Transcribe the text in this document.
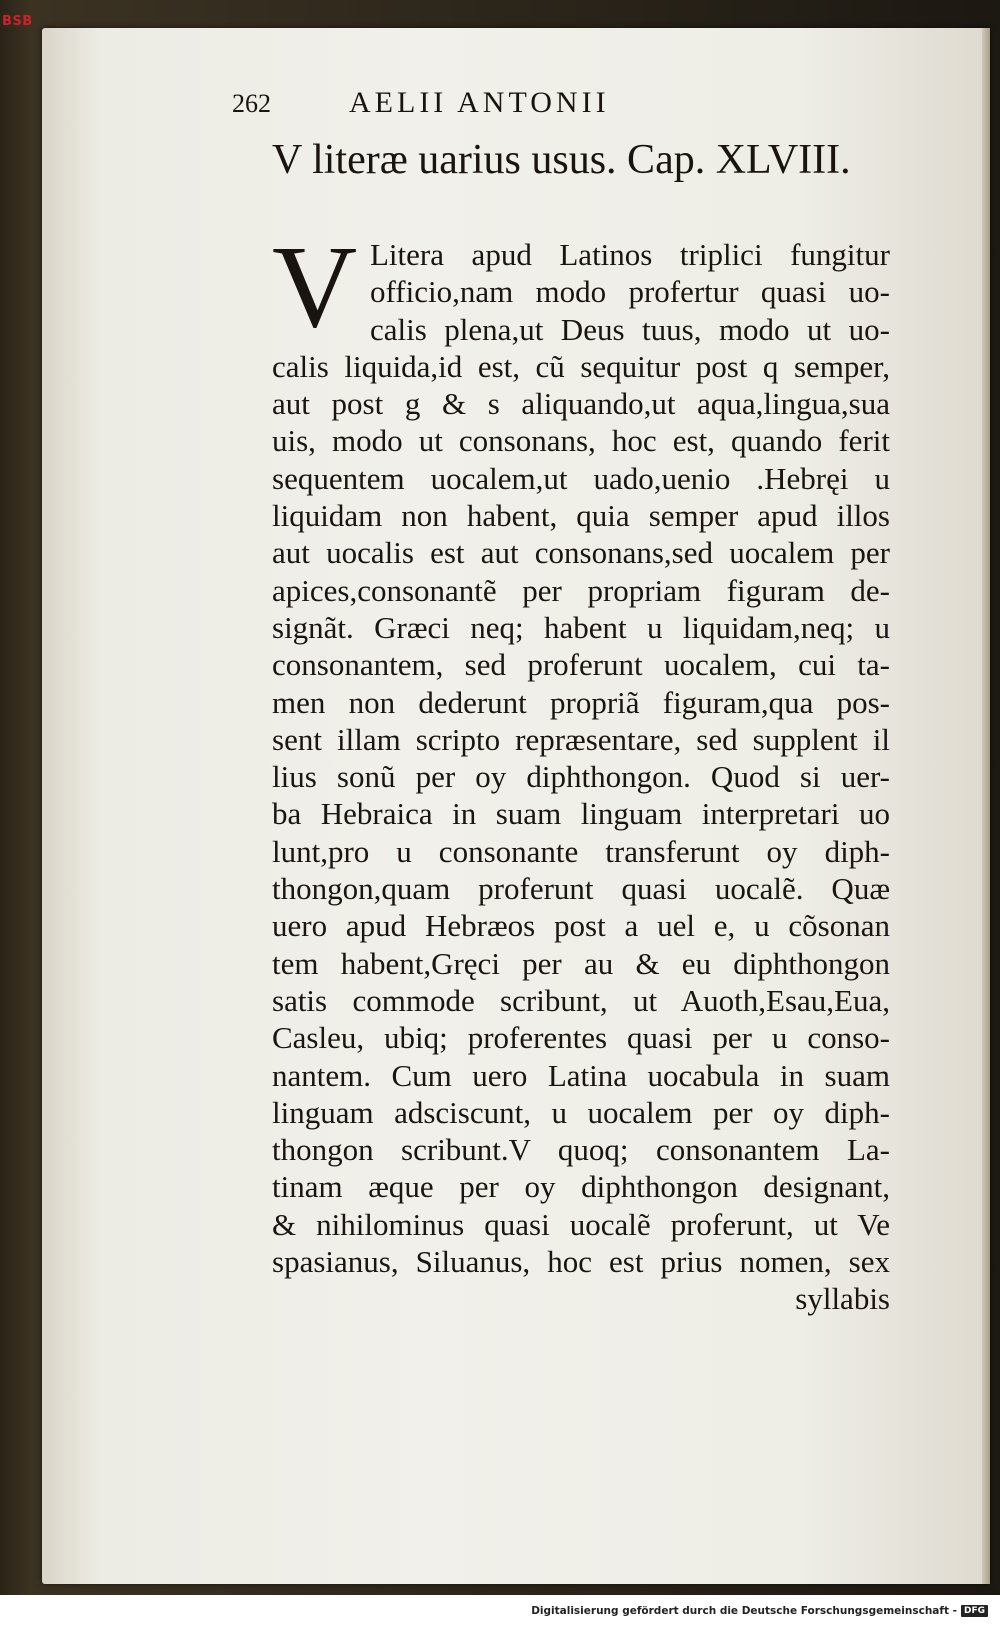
BSB
262	AELII ANTONII
V literæ uarius usus. Cap. XLVIII.
V Litera apud Latinos triplici fungitur
officio,nam modo profertur quasi uo-
calis plena,ut Deus tuus, modo ut uo-
calis liquida,id est, cũ sequitur post q semper,
aut post g & s aliquando,ut aqua,lingua,sua
uis, modo ut consonans, hoc est, quando ferit
sequentem uocalem,ut uado,uenio .Hebręi u
liquidam non habent, quia semper apud illos
aut uocalis est aut consonans,sed uocalem per
apices,consonantẽ per propriam figuram de-
signãt. Græci neq; habent u liquidam,neq; u
consonantem, sed proferunt uocalem, cui ta-
men non dederunt propriã figuram,qua pos-
sent illam scripto repræsentare, sed supplent il
lius sonũ per oy diphthongon. Quod si uer-
ba Hebraica in suam linguam interpretari uo
lunt,pro u consonante transferunt oy diph-
thongon,quam proferunt quasi uocalẽ. Quæ
uero apud Hebræos post a uel e, u cõsonan
tem habent,Gręci per au & eu diphthongon
satis commode scribunt, ut Auoth,Esau,Eua,
Casleu, ubiq; proferentes quasi per u conso-
nantem. Cum uero Latina uocabula in suam
linguam adsciscunt, u uocalem per oy diph-
thongon scribunt.V quoq; consonantem La-
tinam æque per oy diphthongon designant,
& nihilominus quasi uocalẽ proferunt, ut Ve
spasianus, Siluanus, hoc est prius nomen, sex
syllabis
Digitalisierung gefördert durch die Deutsche Forschungsgemeinschaft - DFG
